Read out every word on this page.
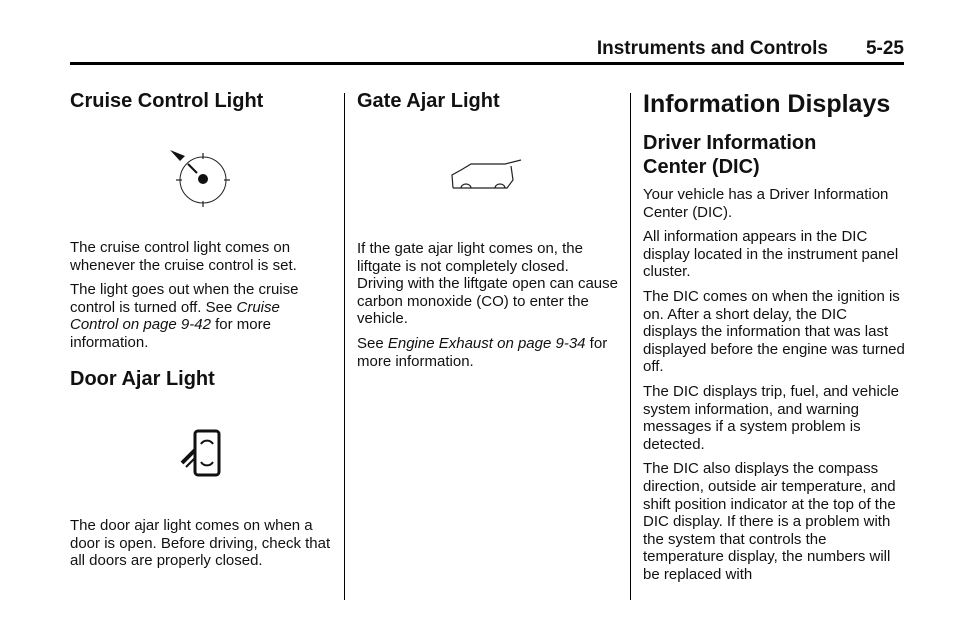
Instruments and Controls 5-25
Cruise Control Light

The cruise control light comes on whenever the cruise control is set.

The light goes out when the cruise control is turned off. See Cruise Control on page 9-42 for more information.

Door Ajar Light

The door ajar light comes on when a door is open. Before driving, check that all doors are properly closed.

Gate Ajar Light

If the gate ajar light comes on, the liftgate is not completely closed. Driving with the liftgate open can cause carbon monoxide (CO) to enter the vehicle.

See Engine Exhaust on page 9-34 for more information.

Information Displays
Driver Information Center (DIC)

Your vehicle has a Driver Information Center (DIC).

All information appears in the DIC display located in the instrument panel cluster.

The DIC comes on when the ignition is on. After a short delay, the DIC displays the information that was last displayed before the engine was turned off.

The DIC displays trip, fuel, and vehicle system information, and warning messages if a system problem is detected.

The DIC also displays the compass direction, outside air temperature, and shift position indicator at the top of the DIC display. If there is a problem with the system that controls the temperature display, the numbers will be replaced with
